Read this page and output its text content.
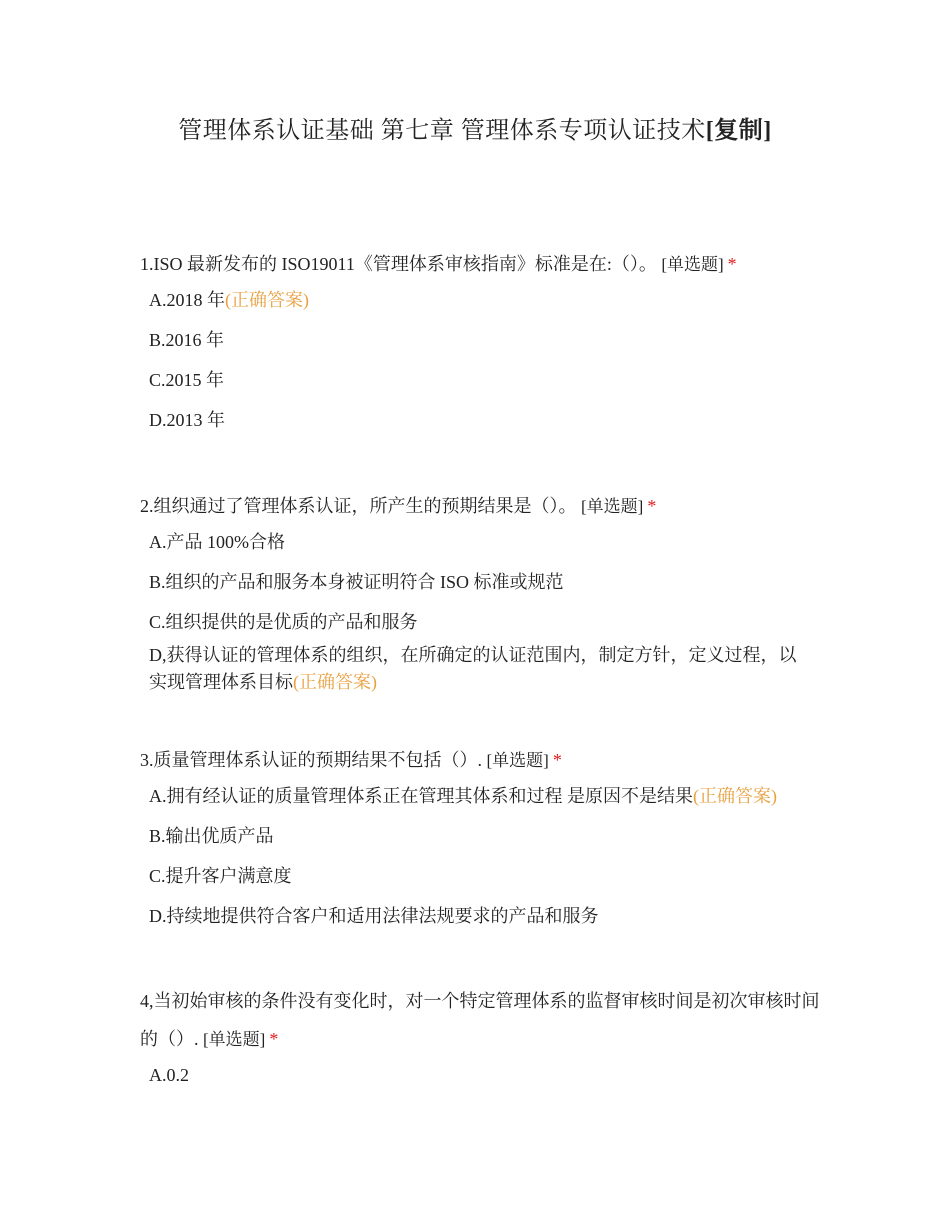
管理体系认证基础 第七章 管理体系专项认证技术[复制]
1.ISO 最新发布的 ISO19011《管理体系审核指南》标准是在:（）。 [单选题] *
A.2018 年(正确答案)
B.2016 年
C.2015 年
D.2013 年
2.组织通过了管理体系认证，所产生的预期结果是（）。 [单选题] *
A.产品 100%合格
B.组织的产品和服务本身被证明符合 ISO 标准或规范
C.组织提供的是优质的产品和服务
D,获得认证的管理体系的组织，在所确定的认证范围内，制定方针，定义过程，以实现管理体系目标(正确答案)
3.质量管理体系认证的预期结果不包括（）. [单选题] *
A.拥有经认证的质量管理体系正在管理其体系和过程 是原因不是结果(正确答案)
B.输出优质产品
C.提升客户满意度
D.持续地提供符合客户和适用法律法规要求的产品和服务
4,当初始审核的条件没有变化时，对一个特定管理体系的监督审核时间是初次审核时间的（）. [单选题] *
A.0.2
